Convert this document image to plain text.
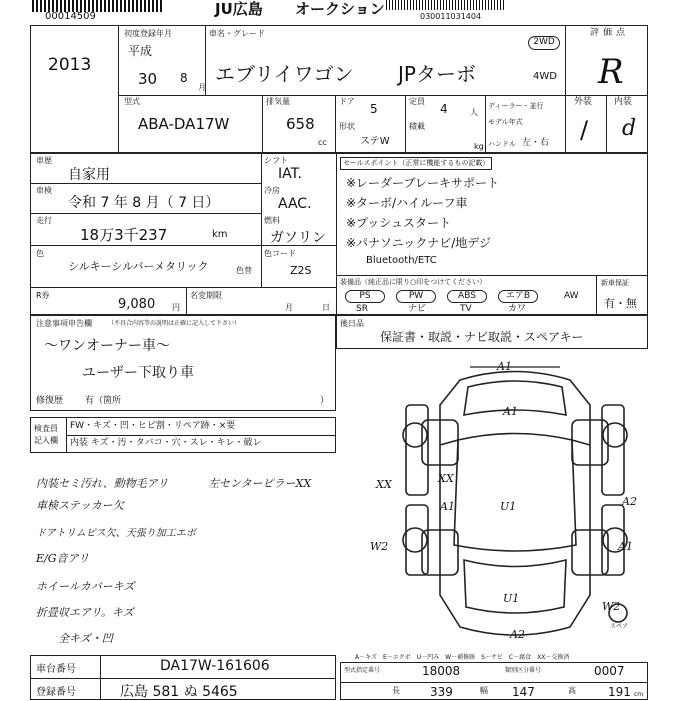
00014509	JU広島 オークション	030011031404
2013
初度登録年月
平成
30 8
月
車名・グレード
エブリイワゴン JPターボ
2WD
4WD
評価点
R
外装 内装
/ d
型式
ABA-DA17W
排気量
658
cc
ドア
5
形状
ステW
定員
4	人
積載
kg
ディーラー・並行
モデル年式
ハンドル 左・右
車歴
自家用
車検
令和 7 年 8 月（ 7 日）
走行
18万3千237	km
シフト
IAT.
冷房
AAC.
燃料
ガソリン
色
シルキーシルバーメタリック	色替
色コード
Z2S
R券
9,080 円
名変期限
月	日
セールスポイント（正常に機能するもの記載）
※レーダーブレーキサポート
※ターボ/ハイルーフ車
※プッシュスタート
※パナソニックナビ/地デジ
Bluetooth/ETC
装備品（純正品に限り○印をつけてください）
PS	PW	ABS	エアB	AW
SR	ナビ	TV	カワ
新車保証
有・無
後日品
保証書・取説・ナビ取説・スペアキー
注意事項申告欄	（不具合内容等の説明は正確に記入して下さい）
〜ワンオーナー車〜
ユーザー下取り車
修復歴 有（箇所	）
検査員
記入欄
FW・キズ・凹・ヒビ割・リペア跡・×要
内装 キズ・汚・タバコ・穴・スレ・キレ・破レ
内装セミ汚れ、動物毛アリ	左センターピラーXX
車検ステッカー欠
ドアトリムビス欠、天張り加工エボ
E/G音アリ
ホイールカバーキズ
折畳収エアリ。キズ
全キズ・凹
A1
A1
XX	XX
A1	U1	A2
W2	A1
U1
W2
A2
スペア
A－キズ　E－エクボ　U－凹み　W－補修跡　S－サビ　C－腐食　XX－交換済
車台番号	DA17W-161606
登録番号	広島 581 ぬ 5465
型式指定番号	18008	類別区分番号	0007
長	339	幅 147	高	191 cm
